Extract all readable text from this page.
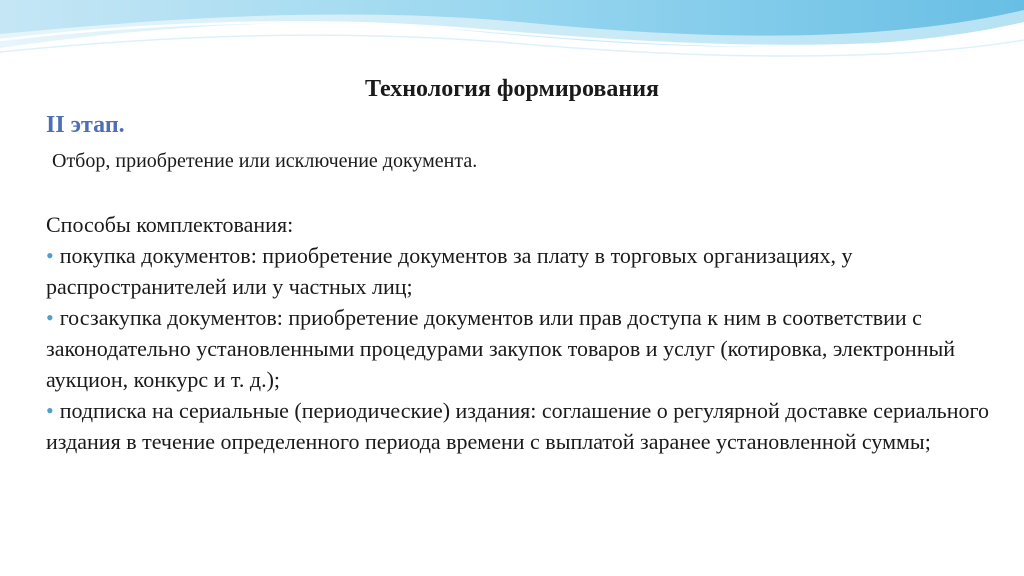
Технология формирования
II этап.
Отбор, приобретение или исключение документа.
Способы комплектования:
• покупка документов: приобретение документов за плату в торговых организациях, у распространителей или у частных лиц;
• госзакупка документов: приобретение документов или прав доступа к ним в соответствии с законодательно установленными процедурами закупок товаров и услуг (котировка, электронный аукцион, конкурс и т. д.);
• подписка на сериальные (периодические) издания: соглашение о регулярной доставке сериального издания в течение определенного периода времени с выплатой заранее установленной суммы;
